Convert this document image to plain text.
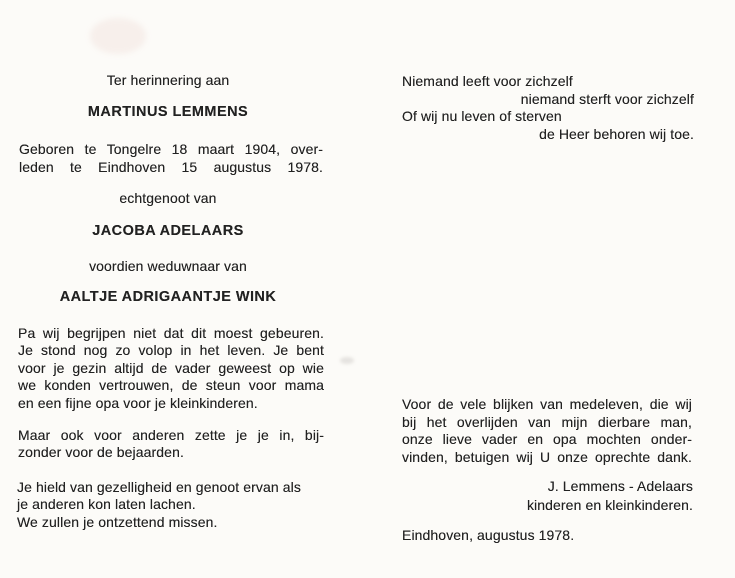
Ter herinnering aan
MARTINUS LEMMENS
Geboren te Tongelre 18 maart 1904, over-
leden te Eindhoven 15 augustus 1978.
echtgenoot van
JACOBA ADELAARS
voordien weduwnaar van
AALTJE ADRIGAANTJE WINK
Pa wij begrijpen niet dat dit moest gebeuren.
Je stond nog zo volop in het leven. Je bent
voor je gezin altijd de vader geweest op wie
we konden vertrouwen, de steun voor mama
en een fijne opa voor je kleinkinderen.
Maar ook voor anderen zette je je in, bij-
zonder voor de bejaarden.
Je hield van gezelligheid en genoot ervan als
je anderen kon laten lachen.
We zullen je ontzettend missen.
Niemand leeft voor zichzelf
niemand sterft voor zichzelf
Of wij nu leven of sterven
de Heer behoren wij toe.
Voor de vele blijken van medeleven, die wij
bij het overlijden van mijn dierbare man,
onze lieve vader en opa mochten onder-
vinden, betuigen wij U onze oprechte dank.
J. Lemmens - Adelaars
kinderen en kleinkinderen.
Eindhoven, augustus 1978.
